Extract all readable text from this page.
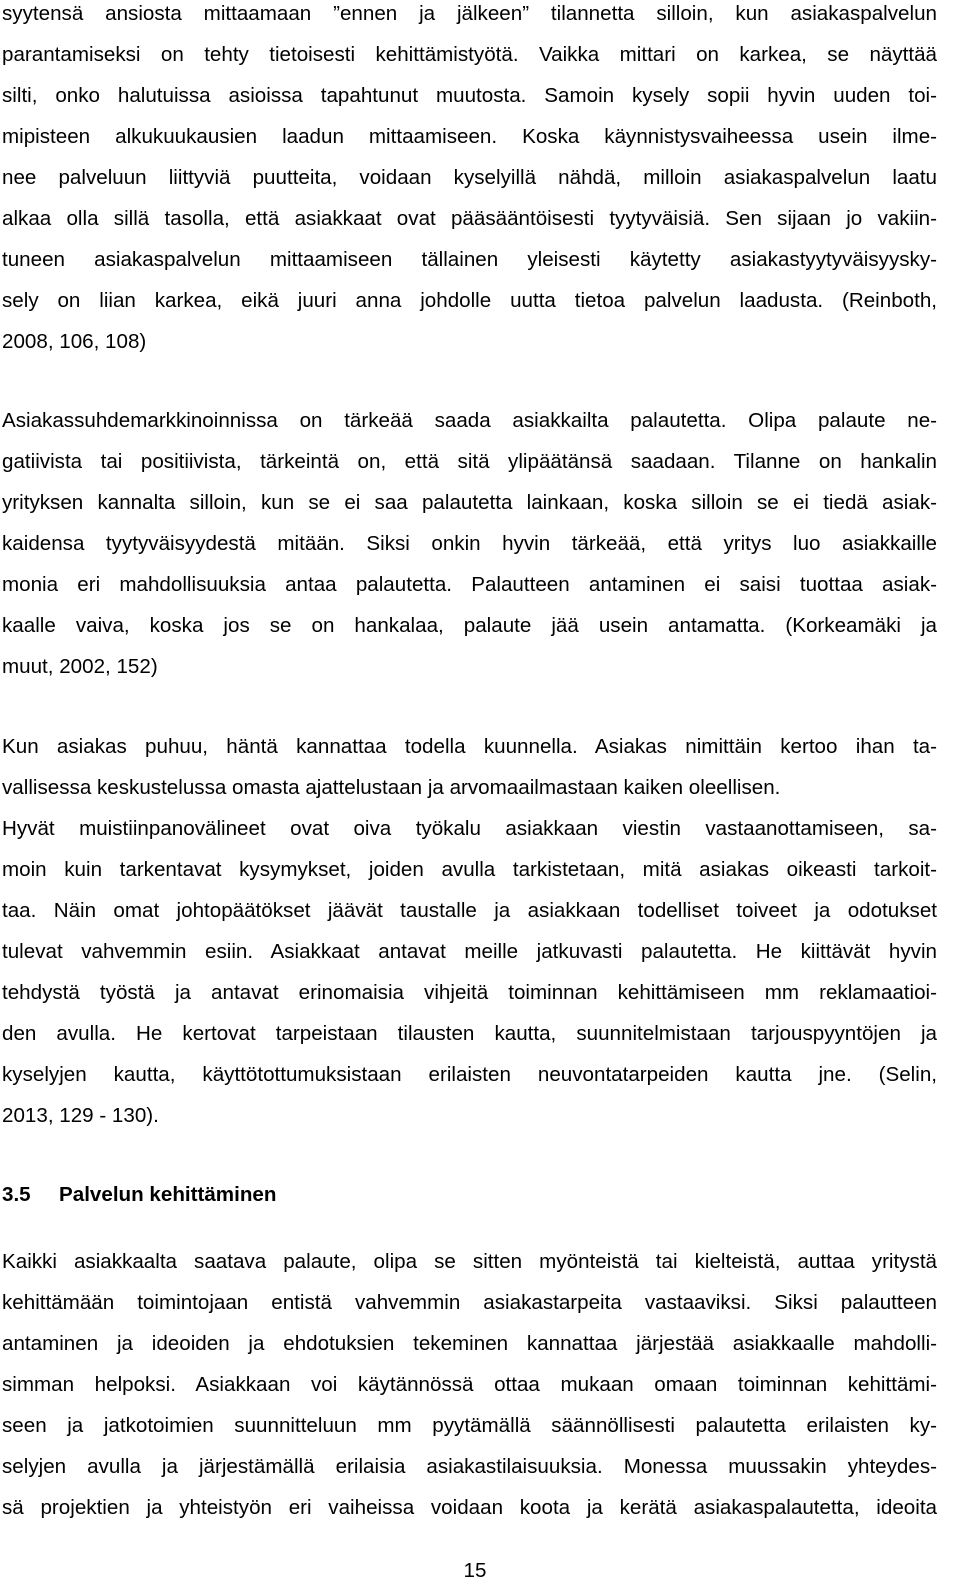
syytensä ansiosta mittaamaan ”ennen ja jälkeen” tilannetta silloin, kun asiakaspalvelun
parantamiseksi on tehty tietoisesti kehittämistyötä. Vaikka mittari on karkea, se näyttää
silti, onko halutuissa asioissa tapahtunut muutosta. Samoin kysely sopii hyvin uuden toi-
mipisteen alkukuukausien laadun mittaamiseen. Koska käynnistysvaiheessa usein ilme-
nee palveluun liittyviä puutteita, voidaan kyselyillä nähdä, milloin asiakaspalvelun laatu
alkaa olla sillä tasolla, että asiakkaat ovat pääsääntöisesti tyytyväisiä. Sen sijaan jo vakiin-
tuneen asiakaspalvelun mittaamiseen tällainen yleisesti käytetty asiakastyytyväisyysky-
sely on liian karkea, eikä juuri anna johdolle uutta tietoa palvelun laadusta. (Reinboth,
2008, 106, 108)
Asiakassuhdemarkkinoinnissa on tärkeää saada asiakkailta palautetta. Olipa palaute ne-
gatiivista tai positiivista, tärkeintä on, että sitä ylipäätänsä saadaan. Tilanne on hankalin
yrityksen kannalta silloin, kun se ei saa palautetta lainkaan, koska silloin se ei tiedä asiak-
kaidensa tyytyväisyydestä mitään. Siksi onkin hyvin tärkeää, että yritys luo asiakkaille
monia eri mahdollisuuksia antaa palautetta. Palautteen antaminen ei saisi tuottaa asiak-
kaalle vaiva, koska jos se on hankalaa, palaute jää usein antamatta. (Korkeamäki ja
muut, 2002, 152)
Kun asiakas puhuu, häntä kannattaa todella kuunnella. Asiakas nimittäin kertoo ihan ta-
vallisessa keskustelussa omasta ajattelustaan ja arvomaailmastaan kaiken oleellisen.
Hyvät muistiinpanovälineet ovat oiva työkalu asiakkaan viestin vastaanottamiseen, sa-
moin kuin tarkentavat kysymykset, joiden avulla tarkistetaan, mitä asiakas oikeasti tarkoit-
taa. Näin omat johtopäätökset jäävät taustalle ja asiakkaan todelliset toiveet ja odotukset
tulevat vahvemmin esiin. Asiakkaat antavat meille jatkuvasti palautetta. He kiittävät hyvin
tehdystä työstä ja antavat erinomaisia vihjeitä toiminnan kehittämiseen mm reklamaatioi-
den avulla. He kertovat tarpeistaan tilausten kautta, suunnitelmistaan tarjouspyyntöjen ja
kyselyjen kautta, käyttötottumuksistaan erilaisten neuvontatarpeiden kautta jne. (Selin,
2013, 129 - 130).
3.5 Palvelun kehittäminen
Kaikki asiakkaalta saatava palaute, olipa se sitten myönteistä tai kielteistä, auttaa yritystä
kehittämään toimintojaan entistä vahvemmin asiakastarpeita vastaaviksi. Siksi palautteen
antaminen ja ideoiden ja ehdotuksien tekeminen kannattaa järjestää asiakkaalle mahdolli-
simman helpoksi. Asiakkaan voi käytännössä ottaa mukaan omaan toiminnan kehittämi-
seen ja jatkotoimien suunnitteluun mm pyytämällä säännöllisesti palautetta erilaisten ky-
selyjen avulla ja järjestämällä erilaisia asiakastilaisuuksia. Monessa muussakin yhteydes-
sä projektien ja yhteistyön eri vaiheissa voidaan koota ja kerätä asiakaspalautetta, ideoita
15
